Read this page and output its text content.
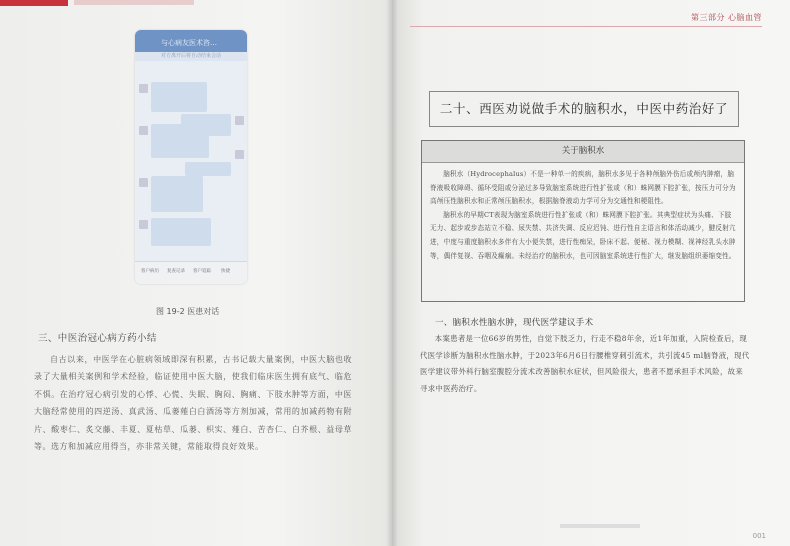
与心病友医术咨…
对方离开后将自动结束会话
客户病历 复查记录 客户追踪 快捷
图 19-2 医患对话
三、中医治冠心病方药小结

自古以来，中医学在心脏病领域即深有积累，古书记载大量案例，中医大脑也收录了大量相关案例和学术经验，临证使用中医大脑，使我们临床医生拥有底气、临危不惧。在治疗冠心病引发的心悸、心慌、失眠、胸闷、胸痛、下肢水肿等方面，中医大脑经常使用的四逆汤、真武汤、瓜蒌薤白白酒汤等方剂加减，常用的加减药物有附片、酸枣仁、炙交藤、丰夏、夏枯草、瓜蒌、枳实、薤白、苦杏仁、白芥根、益母草等。选方和加减应用得当，亦非常关键，常能取得良好效果。

第三部分 心脑血管
二十、西医劝说做手术的脑积水，中医中药治好了
关于脑积水

脑积水（Hydrocephalus）不是一种单一的疾病，脑积水多见于各种颅脑外伤后或颅内肿瘤，脑脊液吸收障碍、循环受阻或分泌过多导致脑室系统进行性扩张或（和）蛛网膜下腔扩张，按压力可分为高颅压性脑积水和正常颅压脑积水，根据脑脊液动力学可分为交通性和梗阻性。

脑积水的早期CT表现为脑室系统进行性扩张或（和）蛛网膜下腔扩张。其典型症状为头痛、下肢无力、起步或步态站立不稳、尿失禁、共济失调、反应迟钝、进行性自主语言和体活动减少，腱反射亢进，中度与重度脑积水多伴有大小便失禁，进行性痴呆，卧床不起、便秘、视力模糊、视神经乳头水肿等，偶伴复视、吞咽及癫痫。未经治疗的脑积水，也可因脑室系统进行性扩大，继发脑组织萎缩变性。

一、脑积水性脑水肿，现代医学建议手术

本案患者是一位66岁的男性，自觉下肢乏力，行走不稳8年余，近1年加重，入院检查后，现代医学诊断为脑积水性脑水肿，于2023年6月6日行腰椎穿刺引流术，共引流45 ml脑脊液，现代医学建议带外科行脑室腹腔分流术改善脑积水症状，但风险很大，患者不愿承担手术风险，故来寻求中医药治疗。

001
